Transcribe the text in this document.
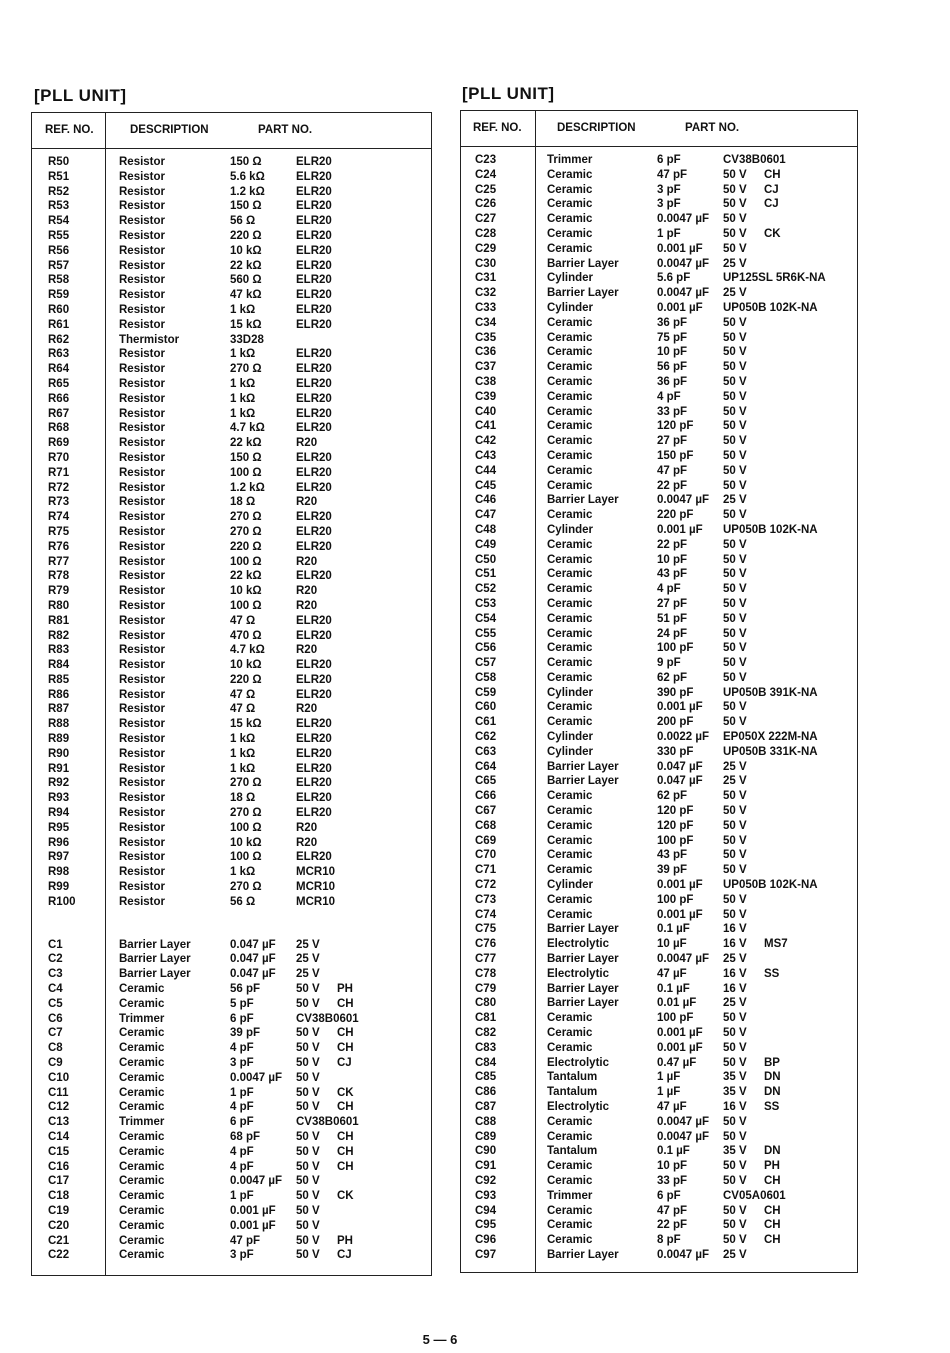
[PLL UNIT]
REF. NO.	DESCRIPTION	PART NO.
R50	Resistor	150 Ω	ELR20
R51	Resistor	5.6 kΩ	ELR20
R52	Resistor	1.2 kΩ	ELR20
R53	Resistor	150 Ω	ELR20
R54	Resistor	56 Ω	ELR20
R55	Resistor	220 Ω	ELR20
R56	Resistor	10 kΩ	ELR20
R57	Resistor	22 kΩ	ELR20
R58	Resistor	560 Ω	ELR20
R59	Resistor	47 kΩ	ELR20
R60	Resistor	1 kΩ	ELR20
R61	Resistor	15 kΩ	ELR20
R62	Thermistor	33D28
R63	Resistor	1 kΩ	ELR20
R64	Resistor	270 Ω	ELR20
R65	Resistor	1 kΩ	ELR20
R66	Resistor	1 kΩ	ELR20
R67	Resistor	1 kΩ	ELR20
R68	Resistor	4.7 kΩ	ELR20
R69	Resistor	22 kΩ	R20
R70	Resistor	150 Ω	ELR20
R71	Resistor	100 Ω	ELR20
R72	Resistor	1.2 kΩ	ELR20
R73	Resistor	18 Ω	R20
R74	Resistor	270 Ω	ELR20
R75	Resistor	270 Ω	ELR20
R76	Resistor	220 Ω	ELR20
R77	Resistor	100 Ω	R20
R78	Resistor	22 kΩ	ELR20
R79	Resistor	10 kΩ	R20
R80	Resistor	100 Ω	R20
R81	Resistor	47 Ω	ELR20
R82	Resistor	470 Ω	ELR20
R83	Resistor	4.7 kΩ	R20
R84	Resistor	10 kΩ	ELR20
R85	Resistor	220 Ω	ELR20
R86	Resistor	47 Ω	ELR20
R87	Resistor	47 Ω	R20
R88	Resistor	15 kΩ	ELR20
R89	Resistor	1 kΩ	ELR20
R90	Resistor	1 kΩ	ELR20
R91	Resistor	1 kΩ	ELR20
R92	Resistor	270 Ω	ELR20
R93	Resistor	18 Ω	ELR20
R94	Resistor	270 Ω	ELR20
R95	Resistor	100 Ω	R20
R96	Resistor	10 kΩ	R20
R97	Resistor	100 Ω	ELR20
R98	Resistor	1 kΩ	MCR10
R99	Resistor	270 Ω	MCR10
R100	Resistor	56 Ω	MCR10
C1	Barrier Layer	0.047 µF 25 V
C2	Barrier Layer	0.047 µF 25 V
C3	Barrier Layer	0.047 µF 25 V
C4	Ceramic	56 pF	50 V PH
C5	Ceramic	5 pF	50 V CH
C6	Trimmer	6 pF	CV38B0601
C7	Ceramic	39 pF	50 V CH
C8	Ceramic	4 pF	50 V CH
C9	Ceramic	3 pF	50 V CJ
C10	Ceramic	0.0047 µF 50 V
C11	Ceramic	1 pF	50 V CK
C12	Ceramic	4 pF	50 V CH
C13	Trimmer	6 pF	CV38B0601
C14	Ceramic	68 pF	50 V CH
C15	Ceramic	4 pF	50 V CH
C16	Ceramic	4 pF	50 V CH
C17	Ceramic	0.0047 µF 50 V
C18	Ceramic	1 pF	50 V CK
C19	Ceramic	0.001 µF 50 V
C20	Ceramic	0.001 µF 50 V
C21	Ceramic	47 pF	50 V PH
C22	Ceramic	3 pF	50 V CJ
[PLL UNIT]
REF. NO.	DESCRIPTION	PART NO.
C23	Trimmer	6 pF	CV38B0601
C24	Ceramic	47 pF	50 V CH
C25	Ceramic	3 pF	50 V CJ
C26	Ceramic	3 pF	50 V CJ
C27	Ceramic	0.0047 µF 50 V
C28	Ceramic	1 pF	50 V CK
C29	Ceramic	0.001 µF 50 V
C30	Barrier Layer	0.0047 µF 25 V
C31	Cylinder	5.6 pF	UP125SL 5R6K-NA
C32	Barrier Layer	0.0047 µF 25 V
C33	Cylinder	0.001 µF UP050B 102K-NA
C34	Ceramic	36 pF	50 V
C35	Ceramic	75 pF	50 V
C36	Ceramic	10 pF	50 V
C37	Ceramic	56 pF	50 V
C38	Ceramic	36 pF	50 V
C39	Ceramic	4 pF	50 V
C40	Ceramic	33 pF	50 V
C41	Ceramic	120 pF	50 V
C42	Ceramic	27 pF	50 V
C43	Ceramic	150 pF	50 V
C44	Ceramic	47 pF	50 V
C45	Ceramic	22 pF	50 V
C46	Barrier Layer	0.0047 µF 25 V
C47	Ceramic	220 pF	50 V
C48	Cylinder	0.001 µF UP050B 102K-NA
C49	Ceramic	22 pF	50 V
C50	Ceramic	10 pF	50 V
C51	Ceramic	43 pF	50 V
C52	Ceramic	4 pF	50 V
C53	Ceramic	27 pF	50 V
C54	Ceramic	51 pF	50 V
C55	Ceramic	24 pF	50 V
C56	Ceramic	100 pF	50 V
C57	Ceramic	9 pF	50 V
C58	Ceramic	62 pF	50 V
C59	Cylinder	390 pF	UP050B 391K-NA
C60	Ceramic	0.001 µF 50 V
C61	Ceramic	200 pF	50 V
C62	Cylinder	0.0022 µF EP050X 222M-NA
C63	Cylinder	330 pF	UP050B 331K-NA
C64	Barrier Layer	0.047 µF 25 V
C65	Barrier Layer	0.047 µF 25 V
C66	Ceramic	62 pF	50 V
C67	Ceramic	120 pF	50 V
C68	Ceramic	120 pF	50 V
C69	Ceramic	100 pF	50 V
C70	Ceramic	43 pF	50 V
C71	Ceramic	39 pF	50 V
C72	Cylinder	0.001 µF UP050B 102K-NA
C73	Ceramic	100 pF	50 V
C74	Ceramic	0.001 µF 50 V
C75	Barrier Layer	0.1 µF	16 V
C76	Electrolytic	10 µF	16 V MS7
C77	Barrier Layer	0.0047 µF 25 V
C78	Electrolytic	47 µF	16 V SS
C79	Barrier Layer	0.1 µF	16 V
C80	Barrier Layer	0.01 µF 25 V
C81	Ceramic	100 pF	50 V
C82	Ceramic	0.001 µF 50 V
C83	Ceramic	0.001 µF 50 V
C84	Electrolytic	0.47 µF 50 V BP
C85	Tantalum	1 µF	35 V DN
C86	Tantalum	1 µF	35 V DN
C87	Electrolytic	47 µF	16 V SS
C88	Ceramic	0.0047 µF 50 V
C89	Ceramic	0.0047 µF 50 V
C90	Tantalum	0.1 µF	35 V DN
C91	Ceramic	10 pF	50 V PH
C92	Ceramic	33 pF	50 V CH
C93	Trimmer	6 pF	CV05A0601
C94	Ceramic	47 pF	50 V CH
C95	Ceramic	22 pF	50 V CH
C96	Ceramic	8 pF	50 V CH
C97	Barrier Layer	0.0047 µF 25 V
5 — 6
